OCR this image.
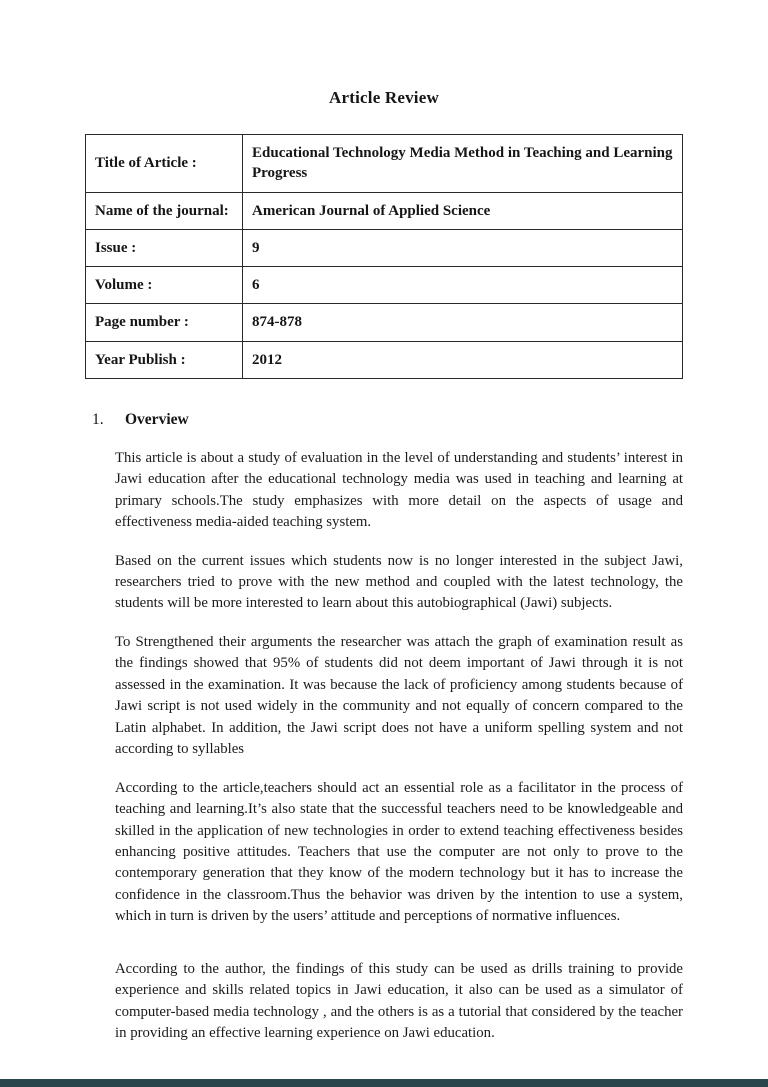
Article Review
Title of Article :	Educational Technology Media Method in Teaching and Learning Progress
Name of the journal:	American Journal of Applied Science
Issue :	9
Volume :	6
Page number :	874-878
Year Publish :	2012
1. Overview

This article is about a study of evaluation in the level of understanding and students’ interest in Jawi education after the educational technology media was used in teaching and learning at primary schools.The study emphasizes with more detail on the aspects of usage and effectiveness media-aided teaching system.

Based on the current issues which students now is no longer interested in the subject Jawi, researchers tried to prove with the new method and coupled with the latest technology, the students will be more interested to learn about this autobiographical (Jawi) subjects.

To Strengthened their arguments the researcher was attach the graph of examination result as the findings showed that 95% of students did not deem important of Jawi through it is not assessed in the examination. It was because the lack of proficiency among students because of Jawi script is not used widely in the community and not equally of concern compared to the Latin alphabet. In addition, the Jawi script does not have a uniform spelling system and not according to syllables

According to the article,teachers should act an essential role as a facilitator in the process of teaching and learning.It’s also state that the successful teachers need to be knowledgeable and skilled in the application of new technologies in order to extend teaching effectiveness besides enhancing positive attitudes. Teachers that use the computer are not only to prove to the contemporary generation that they know of the modern technology but it has to increase the confidence in the classroom.Thus the behavior was driven by the intention to use a system, which in turn is driven by the users’ attitude and perceptions of normative influences.

According to the author, the findings of this study can be used as drills training to provide experience and skills related topics in Jawi education, it also can be used as a simulator of computer-based media technology , and the others is as a tutorial that considered by the teacher in providing an effective learning experience on Jawi education.
